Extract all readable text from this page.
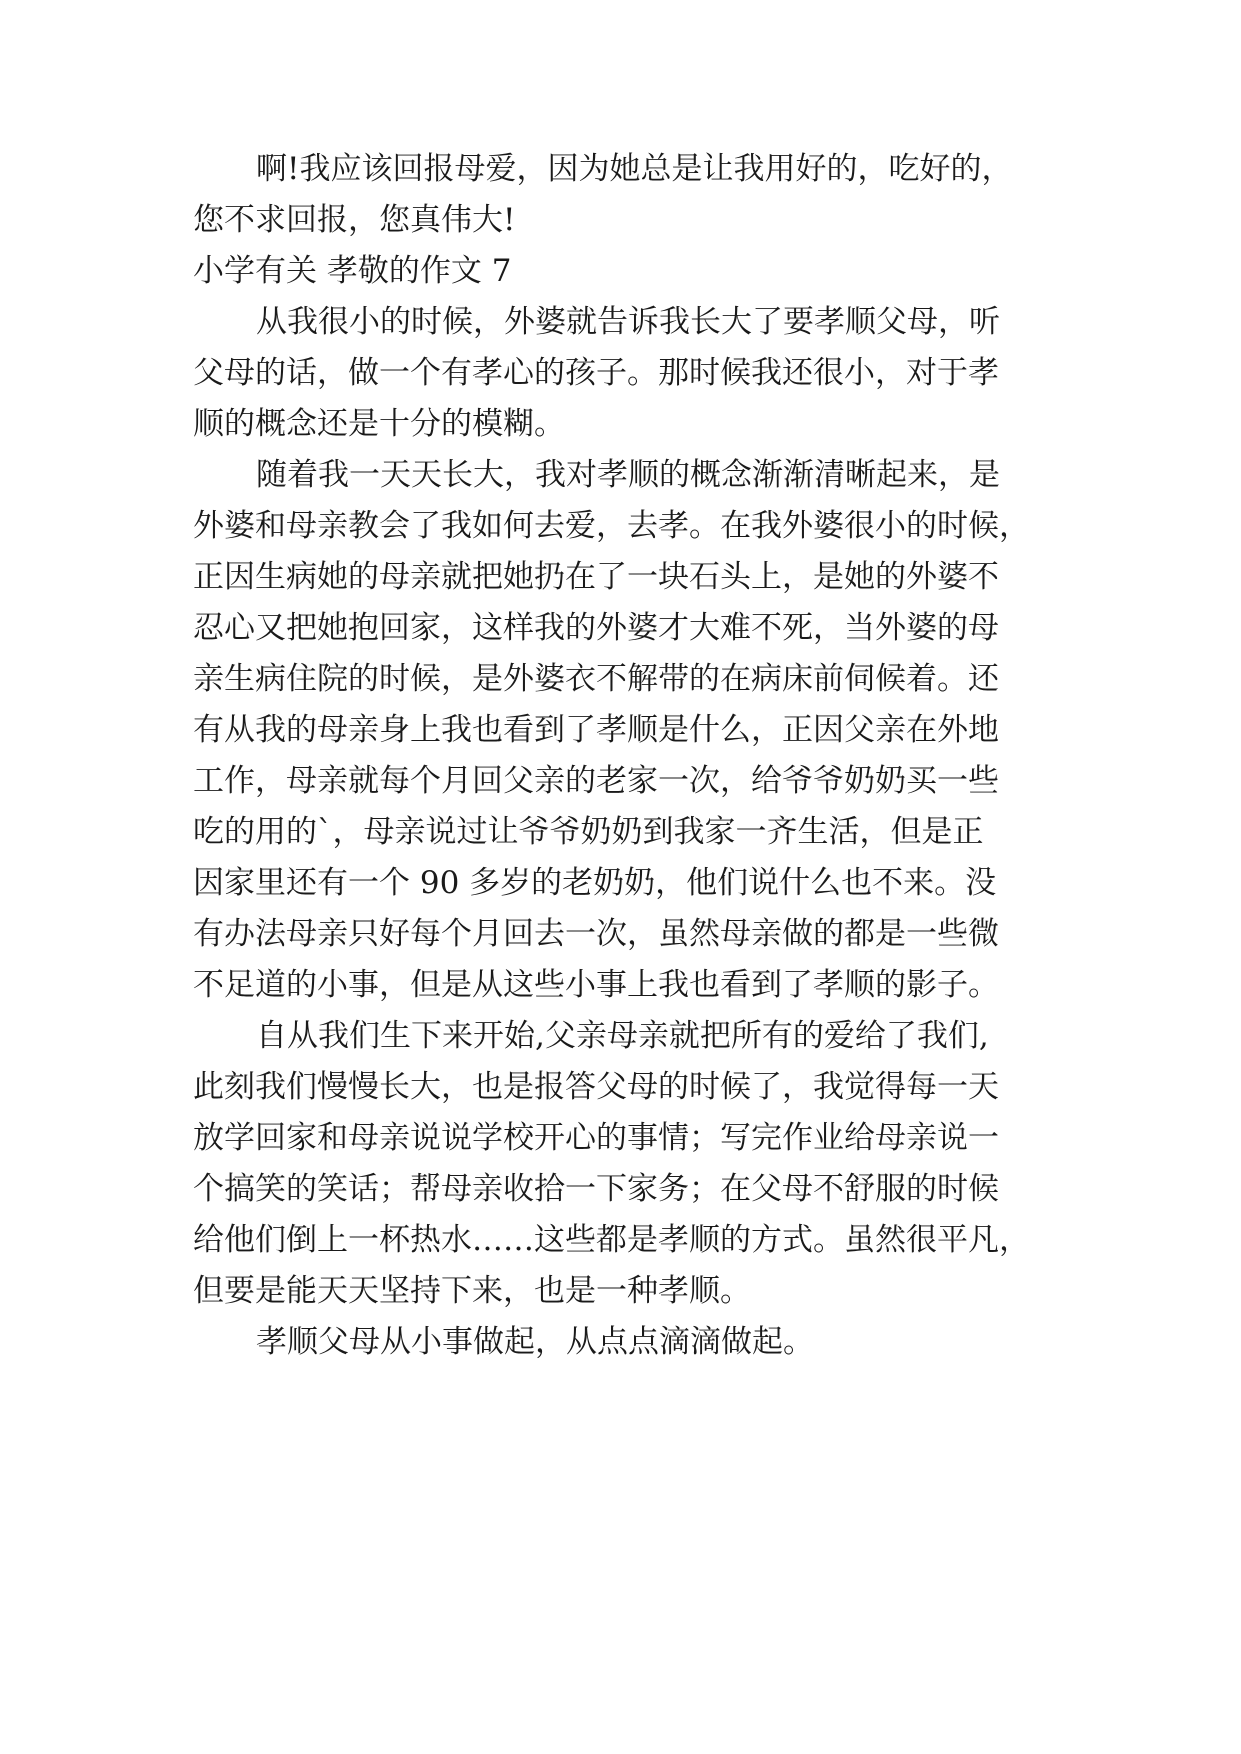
啊!我应该回报母爱，因为她总是让我用好的，吃好的，

您不求回报，您真伟大!

小学有关 孝敬的作文 7

从我很小的时候，外婆就告诉我长大了要孝顺父母，听

父母的话，做一个有孝心的孩子。那时候我还很小，对于孝

顺的概念还是十分的模糊。

随着我一天天长大，我对孝顺的概念渐渐清晰起来，是

外婆和母亲教会了我如何去爱，去孝。在我外婆很小的时候，

正因生病她的母亲就把她扔在了一块石头上，是她的外婆不

忍心又把她抱回家，这样我的外婆才大难不死，当外婆的母

亲生病住院的时候，是外婆衣不解带的在病床前伺候着。还

有从我的母亲身上我也看到了孝顺是什么，正因父亲在外地

工作，母亲就每个月回父亲的老家一次，给爷爷奶奶买一些

吃的用的`，母亲说过让爷爷奶奶到我家一齐生活，但是正

因家里还有一个 90 多岁的老奶奶，他们说什么也不来。没

有办法母亲只好每个月回去一次，虽然母亲做的都是一些微

不足道的小事，但是从这些小事上我也看到了孝顺的影子。

自从我们生下来开始,父亲母亲就把所有的爱给了我们,

此刻我们慢慢长大，也是报答父母的时候了，我觉得每一天

放学回家和母亲说说学校开心的事情；写完作业给母亲说一

个搞笑的笑话；帮母亲收拾一下家务；在父母不舒服的时候

给他们倒上一杯热水……这些都是孝顺的方式。虽然很平凡，

但要是能天天坚持下来，也是一种孝顺。

孝顺父母从小事做起，从点点滴滴做起。
